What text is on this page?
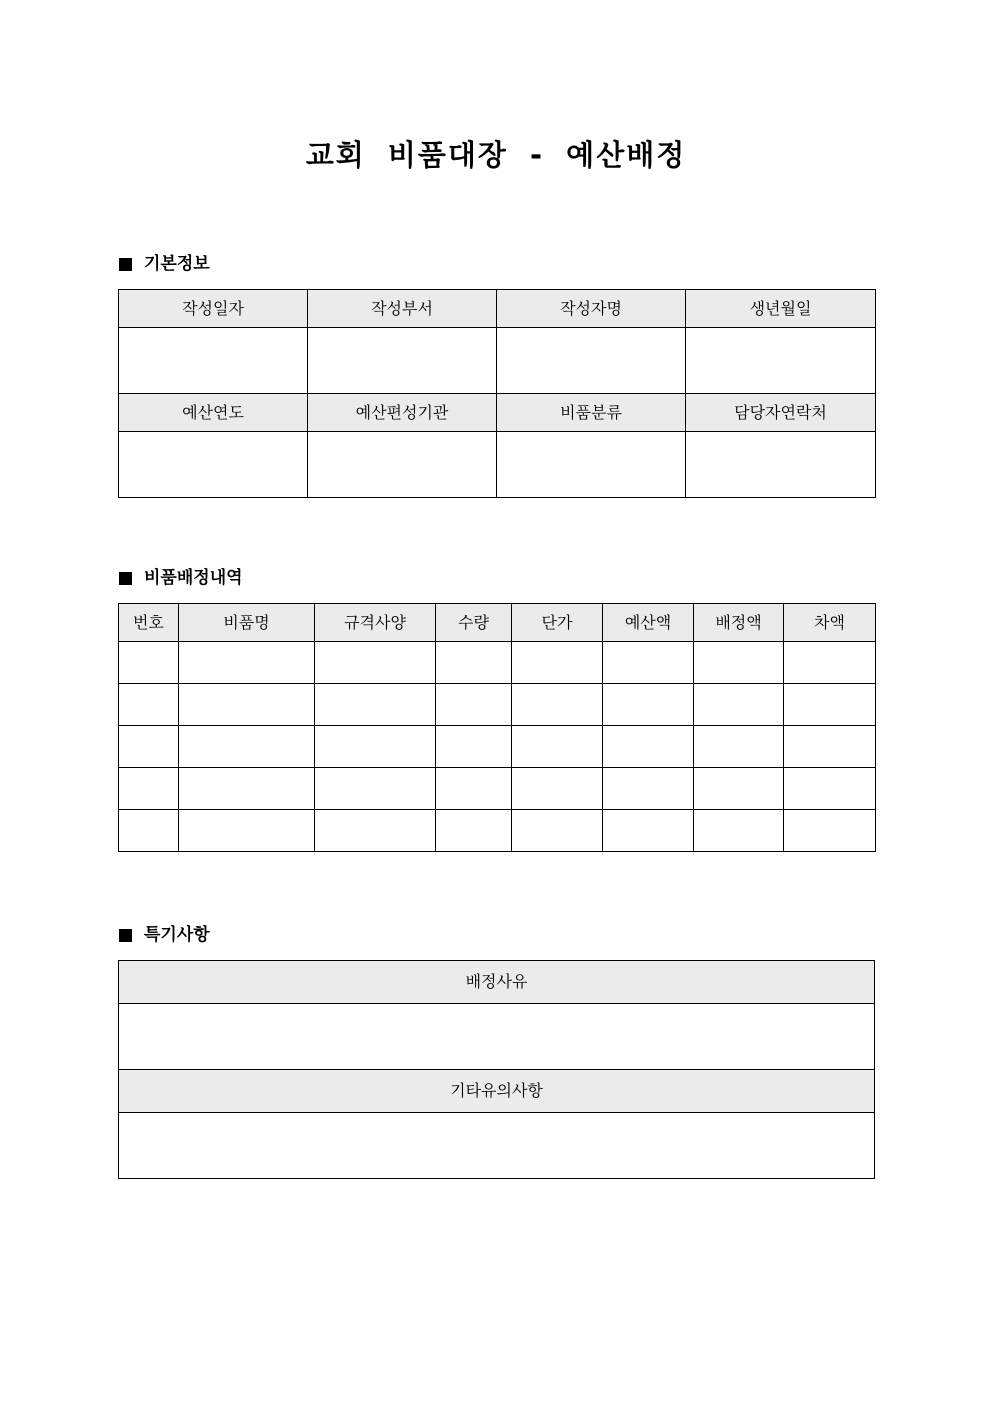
교회 비품대장 - 예산배정
기본정보
작성일자	작성부서	작성자명	생년월일

예산연도	예산편성기관	비품분류	담당자연락처

비품배정내역
번호	비품명	규격사양	수량	단가	예산액	배정액	차액

특기사항
배정사유

기타유의사항
